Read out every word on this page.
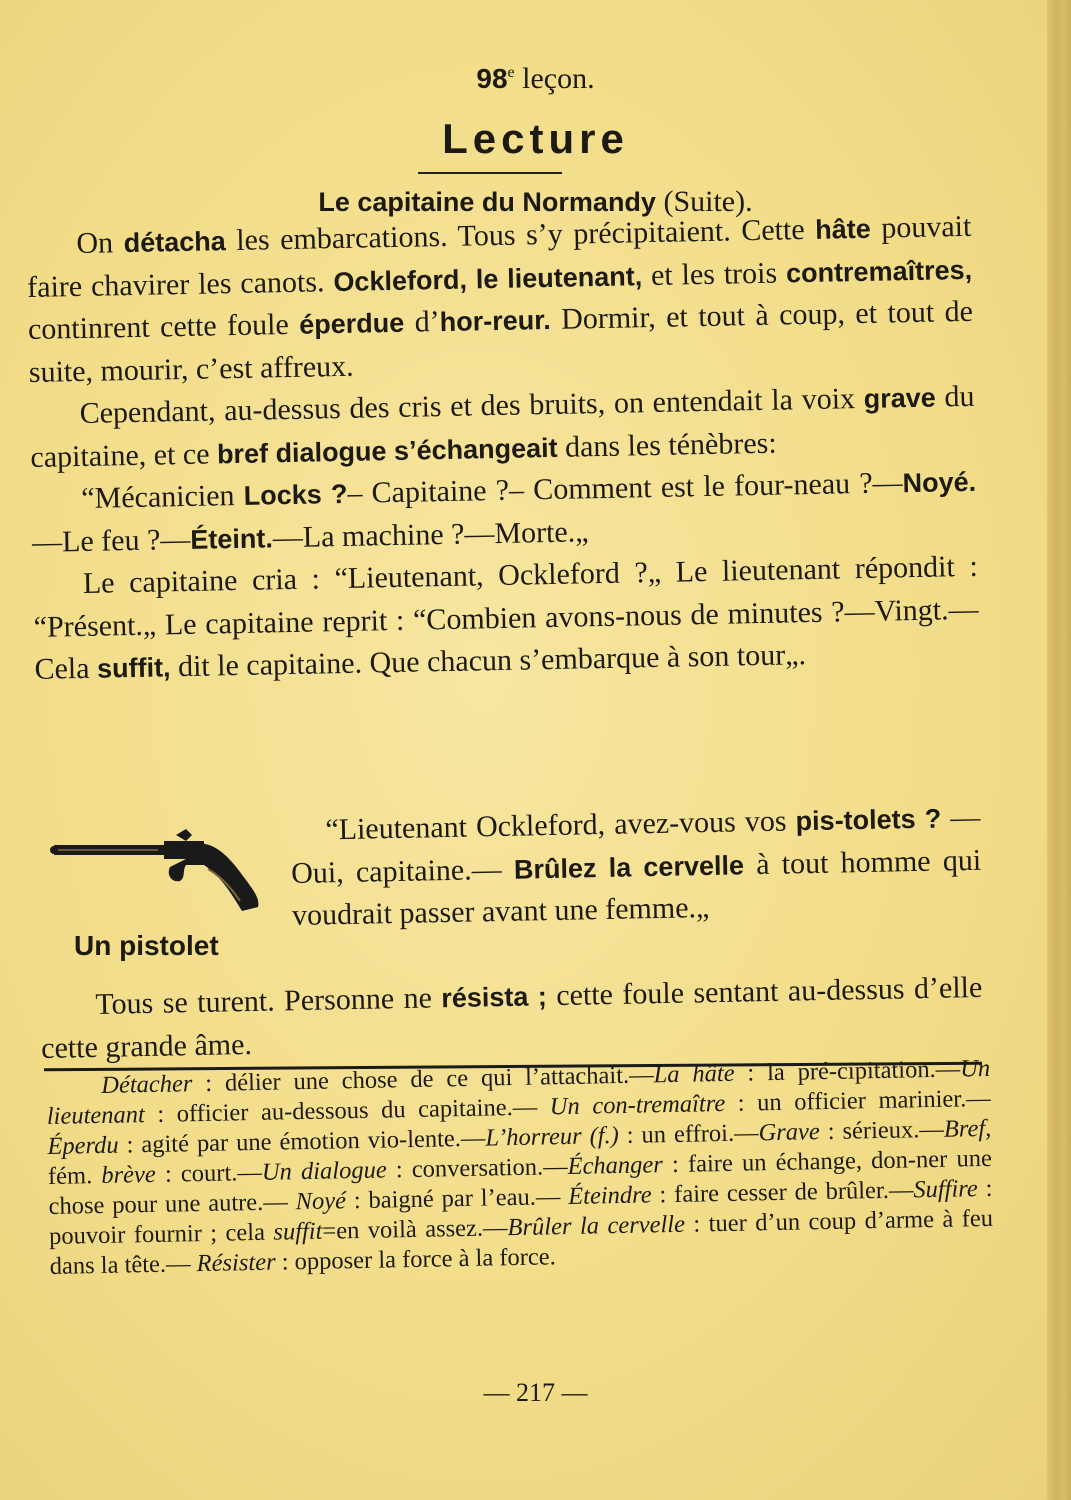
98e leçon.
Lecture
Le capitaine du Normandy (Suite).

On détacha les embarcations. Tous s’y précipitaient. Cette hâte pouvait faire chavirer les canots. Ockleford, le lieutenant, et les trois contremaîtres, continrent cette foule éperdue d’hor-reur. Dormir, et tout à coup, et tout de suite, mourir, c’est affreux.

Cependant, au-dessus des cris et des bruits, on entendait la voix grave du capitaine, et ce bref dialogue s’échangeait dans les ténèbres:

“Mécanicien Locks ?– Capitaine ?– Comment est le four-neau ?—Noyé.—Le feu ?—Éteint.—La machine ?—Morte.„

Le capitaine cria : “Lieutenant, Ockleford ?„ Le lieutenant répondit : “Présent.„ Le capitaine reprit : “Combien avons-nous de minutes ?—Vingt.—Cela suffit, dit le capitaine. Que chacun s’embarque à son tour„.

Un pistolet

“Lieutenant Ockleford, avez-vous vos pis-tolets ? — Oui, capitaine.— Brûlez la cervelle à tout homme qui voudrait passer avant une femme.„

Tous se turent. Personne ne résista ; cette foule sentant au-dessus d’elle cette grande âme.

Détacher : délier une chose de ce qui l’attachait.—La hâte : la pré-cipitation.—Un lieutenant : officier au-dessous du capitaine.— Un con-tremaître : un officier marinier.—Éperdu : agité par une émotion vio-lente.—L’horreur (f.) : un effroi.—Grave : sérieux.—Bref, fém. brève : court.—Un dialogue : conversation.—Échanger : faire un échange, don-ner une chose pour une autre.— Noyé : baigné par l’eau.— Éteindre : faire cesser de brûler.—Suffire : pouvoir fournir ; cela suffit=en voilà assez.—Brûler la cervelle : tuer d’un coup d’arme à feu dans la tête.— Résister : opposer la force à la force.

— 217 —
